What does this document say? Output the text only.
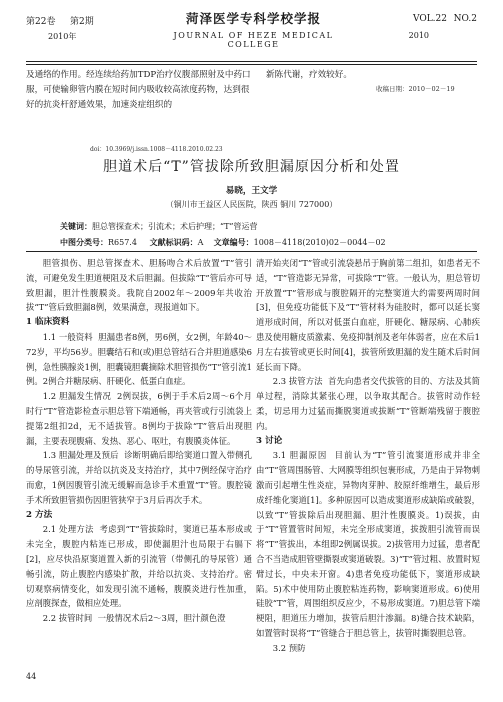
第22卷 第2期	菏泽医学专科学校学报	VOL.22 NO.2
2010年	JOURNAL OF HEZE MEDICAL COLLEGE
2010
及通络的作用。经连续给药加TDP治疗仪腹部照射及中药口服，可使输卵管内膜在短时间内吸收较高浓度药物，达到很好的抗炎杆舒通效果，加速炎症组织的
新陈代谢，疗效较好。
收稿日期：2010－02－19
doi：10.3969/j.issn.1008－4118.2010.02.23
胆道术后“T”管拔除所致胆漏原因分析和处置
易晓，王文学
（铜川市王益区人民医院，陕西 铜川 727000）
关键词：胆总管探查术；引流术；术后护理；“T”管运营
中图分类号：R657.4 文献标识码：A 文章编号：1008－4118(2010)02－0044－02

胆管损伤、胆总管探查术、胆肠吻合术后放置“T”管引流，可避免发生胆道梗阻及术后胆漏。但拔除“T”管后亦可导致胆漏，胆汁性腹膜炎。我院自2002年～2009年共收治拔“T”管后致胆漏8例，效果满意，现报道如下。

1 临床资料

1.1 一般资料 胆漏患者8例，男6例，女2例，年龄40～72岁，平均56岁。胆囊结石和(或)胆总管结石合并胆道感染6例，急性胰腺炎1例，胆囊镜胆囊摘除术胆管损伤“T”管引流1例。2例合并糖尿病、肝硬化、低蛋白血症。

1.2 胆漏发生情况 2例误拔，6例于手术后2周～6个月时行“T”管造影检查示胆总管下端通畅，再夹管或行引流袋上提第2组扣2d，无不适拔管。8例均于拔除“T”管后出现胆漏，主要表现腹痛、发热、恶心、呕吐，有腹膜炎体征。

1.3 胆漏处理及预后 诊断明确后即给窦道口置入带侧孔的导尿管引流，并给以抗炎及支持治疗，其中7例经保守治疗而愈，1例因腹管引流无缓解而急诊手术重置“T”管。腹腔镜手术所致胆管损伤因胆管狭窄于3月后再次手术。

2 方法

2.1 处理方法 考虑到“T”管拔除时，窦道已基本形成或未完全，腹腔内粘连已形成，即使漏胆汁也局限于右膈下[2]，应尽快沿原窦道置入新的引流管（带侧孔的导尿管）通畅引流，防止腹腔内感染扩散，并给以抗炎、支持治疗。密切观察病情变化，如发现引流不通畅，腹膜炎进行性加重，应剖腹探查，做相应处理。

2.2 拔管时间 一般情况术后2～3周，胆汁颜色澄

清开始夹闭“T”管或引流袋悬吊于胸前第二组扣，如患者无不适，“T”管造影无异常，可拔除“T”管。一般认为，胆总管切开放置“T”管形成与腹腔隔开的完整窦道大约需要两周时间[3]，但免疫功能低下及“T”管材料为硅胶时，都可以延长窦道形成时间，所以对低蛋白血症，肝硬化、糖尿病、心肺疾患及使用糖皮质激素、免疫抑制剂及老年体弱者，应在术后1月左右拔管或更长时间[4]，拔管所致胆漏的发生随术后时间延长而下降。

2.3 拔管方法 首先向患者交代拔管的目的、方法及其简单过程，消除其紧张心理，以争取其配合。拔管时动作轻柔，切忌用力过猛而撕脱窦道或拔断“T”管断端残留于腹腔内。

3 讨论

3.1 胆漏原因 目前认为“T”管引流窦道形成并非全由“T”管周围肠管、大网膜等组织包裹形成，乃是由于异物刺激而引起增生性炎症，异物肉芽肿、胶原纤维增生，最后形成纤维化窦道[1]。多种原因可以造成窦道形成缺陷或破裂，以致“T”管拔除后出现胆漏、胆汁性腹膜炎。1)误拔，由于“T”管置管时间短，未完全形成窦道，拔拨胆引流管而误将“T”管拔出，本组即2例属误拔。2)拔管用力过猛，患者配合不当造成胆管壁撕裂或窦道破裂。3)“T”管过粗、放置时短臂过长，中央未开窗。4)患者免疫功能低下，窦道形成缺陷。5)术中使用防止腹腔粘连药物，影响窦道形成。6)使用硅胶“T”管，周围组织反应少，不易形成窦道。7)胆总管下端梗阻，胆道压力增加，拔管后胆汁渗漏。8)缝合技术缺陷，如置管时误将“T”管缝合于胆总管上，拔管时撕裂胆总管。

3.2 预防

44
